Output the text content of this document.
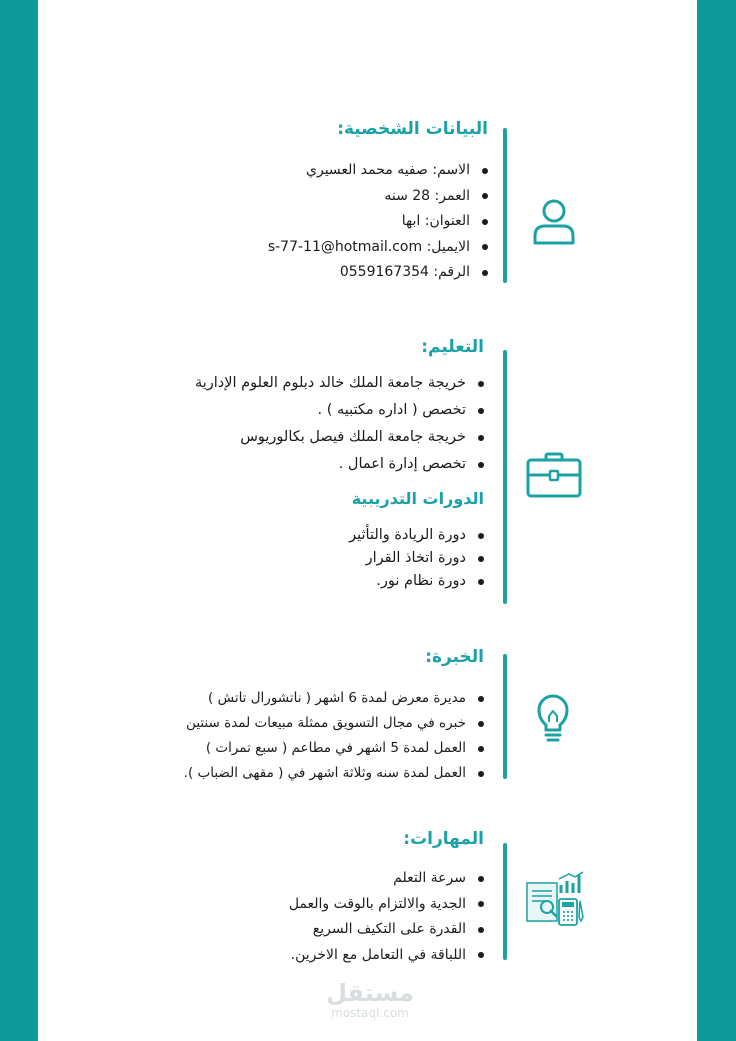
البيانات الشخصية:
الاسم: صفيه محمد العسيري
العمر: 28 سنه
العنوان: ابها
الايميل: s-77-11@hotmail.com
الرقم: 0559167354
التعليم:
خريجة جامعة الملك خالد دبلوم العلوم الإدارية
تخصص ( اداره مكتبيه ) .
خريجة جامعة الملك فيصل بكالوريوس
تخصص إدارة اعمال .
الدورات التدريبية
دورة الريادة والتأثير
دورة اتخاذ القرار
دورة نظام نور.
الخبرة:
مديرة معرض لمدة 6 اشهر ( ناتشورال تاتش )
خبره في مجال التسويق ممثلة مبيعات لمدة سنتين
العمل لمدة 5 اشهر في مطاعم ( سبع تمرات )
العمل لمدة سنه وثلاثة اشهر في ( مقهى الضباب ).
المهارات:
سرعة التعلم
الجدية والالتزام بالوقت والعمل
القدرة على التكيف السريع
اللباقة في التعامل مع الاخرين.
مستقل
mostaql.com
